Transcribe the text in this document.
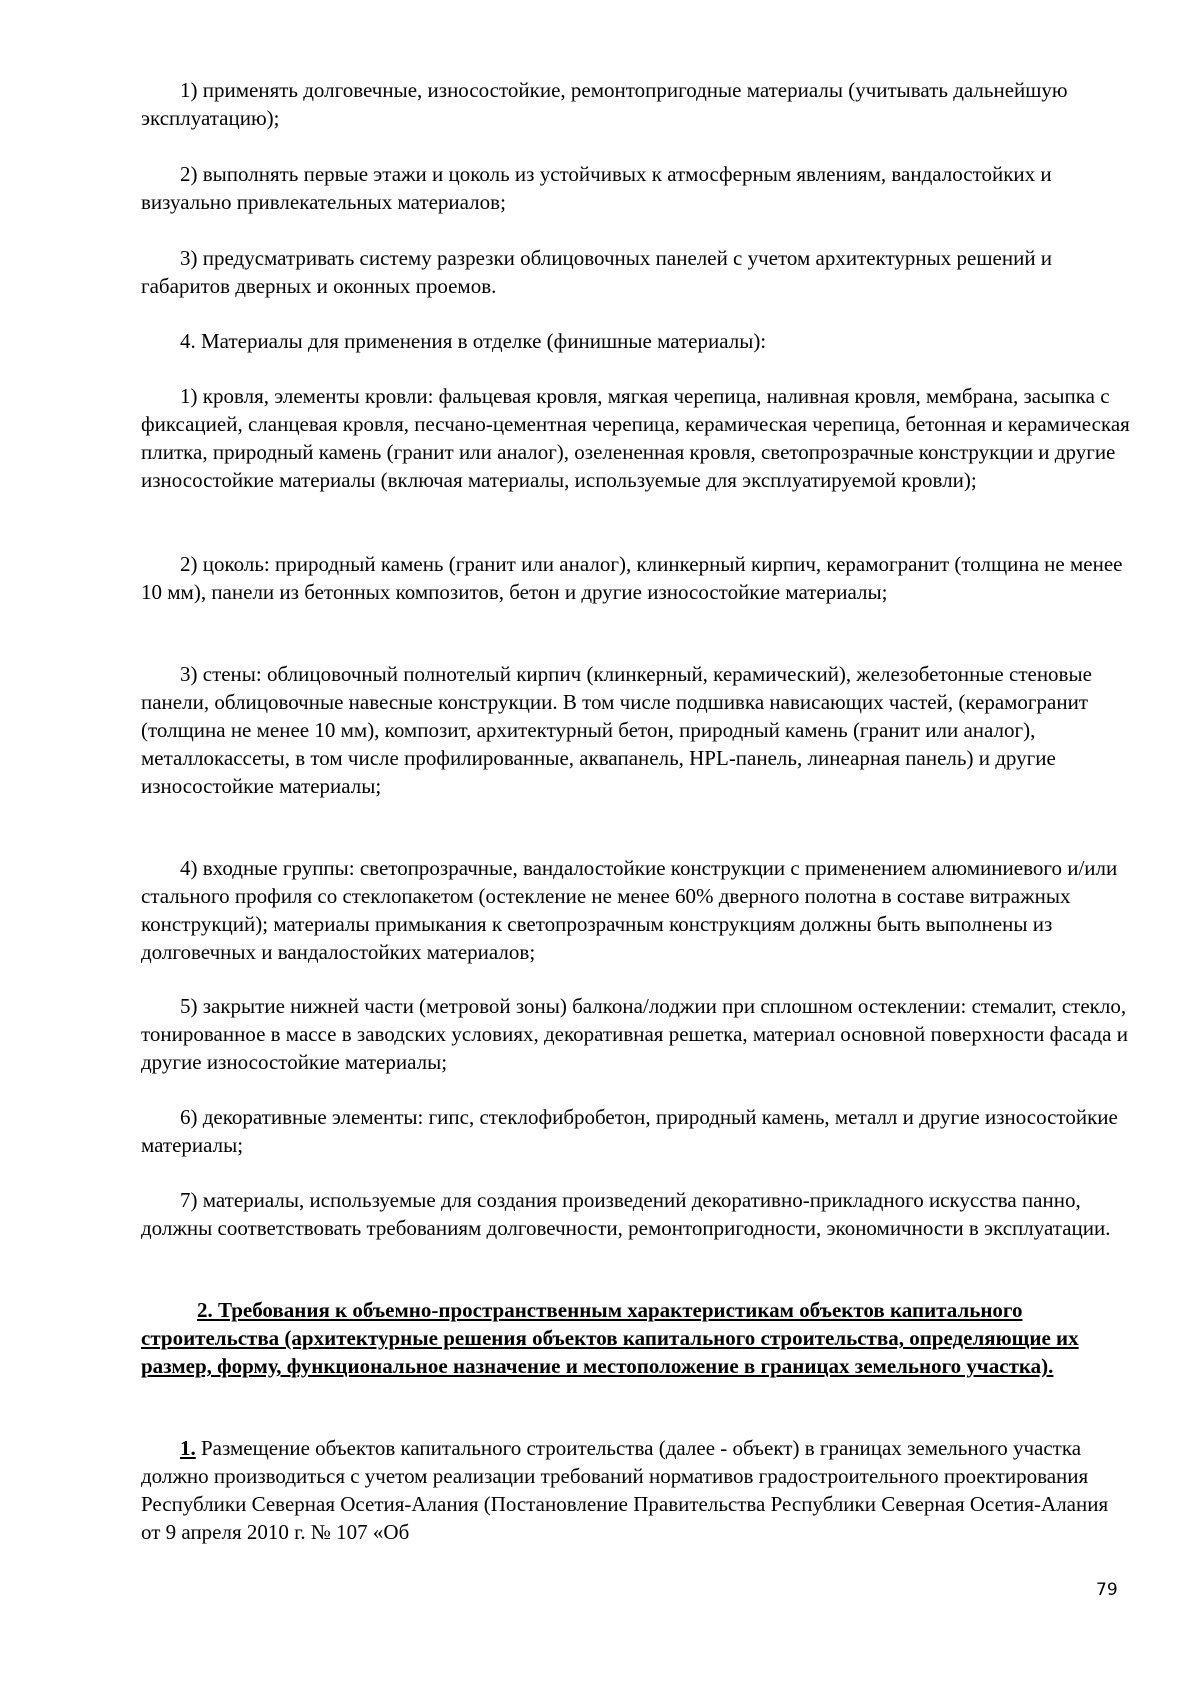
1) применять долговечные, износостойкие, ремонтопригодные материалы (учитывать дальнейшую эксплуатацию);

2) выполнять первые этажи и цоколь из устойчивых к атмосферным явлениям, вандалостойких и визуально привлекательных материалов;

3) предусматривать систему разрезки облицовочных панелей с учетом архитектурных решений и габаритов дверных и оконных проемов.

4. Материалы для применения в отделке (финишные материалы):

1) кровля, элементы кровли: фальцевая кровля, мягкая черепица, наливная кровля, мембрана, засыпка с фиксацией, сланцевая кровля, песчано-цементная черепица, керамическая черепица, бетонная и керамическая плитка, природный камень (гранит или аналог), озелененная кровля, светопрозрачные конструкции и другие износостойкие материалы (включая материалы, используемые для эксплуатируемой кровли);

2) цоколь: природный камень (гранит или аналог), клинкерный кирпич, керамогранит (толщина не менее 10 мм), панели из бетонных композитов, бетон и другие износостойкие материалы;

3) стены: облицовочный полнотелый кирпич (клинкерный, керамический), железобетонные стеновые панели, облицовочные навесные конструкции. В том числе подшивка нависающих частей, (керамогранит (толщина не менее 10 мм), композит, архитектурный бетон, природный камень (гранит или аналог), металлокассеты, в том числе профилированные, аквапанель, HPL-панель, линеарная панель) и другие износостойкие материалы;

4) входные группы: светопрозрачные, вандалостойкие конструкции с применением алюминиевого и/или стального профиля со стеклопакетом (остекление не менее 60% дверного полотна в составе витражных конструкций); материалы примыкания к светопрозрачным конструкциям должны быть выполнены из долговечных и вандалостойких материалов;

5) закрытие нижней части (метровой зоны) балкона/лоджии при сплошном остеклении: стемалит, стекло, тонированное в массе в заводских условиях, декоративная решетка, материал основной поверхности фасада и другие износостойкие материалы;

6) декоративные элементы: гипс, стеклофибробетон, природный камень, металл и другие износостойкие материалы;

7) материалы, используемые для создания произведений декоративно-прикладного искусства панно, должны соответствовать требованиям долговечности, ремонтопригодности, экономичности в эксплуатации.

2. Требования к объемно-пространственным характеристикам объектов капитального строительства (архитектурные решения объектов капитального строительства, определяющие их размер, форму, функциональное назначение и местоположение в границах земельного участка).

1. Размещение объектов капитального строительства (далее - объект) в границах земельного участка должно производиться с учетом реализации требований нормативов градостроительного проектирования Республики Северная Осетия-Алания (Постановление Правительства Республики Северная Осетия-Алания от 9 апреля 2010 г. № 107 «Об

79
